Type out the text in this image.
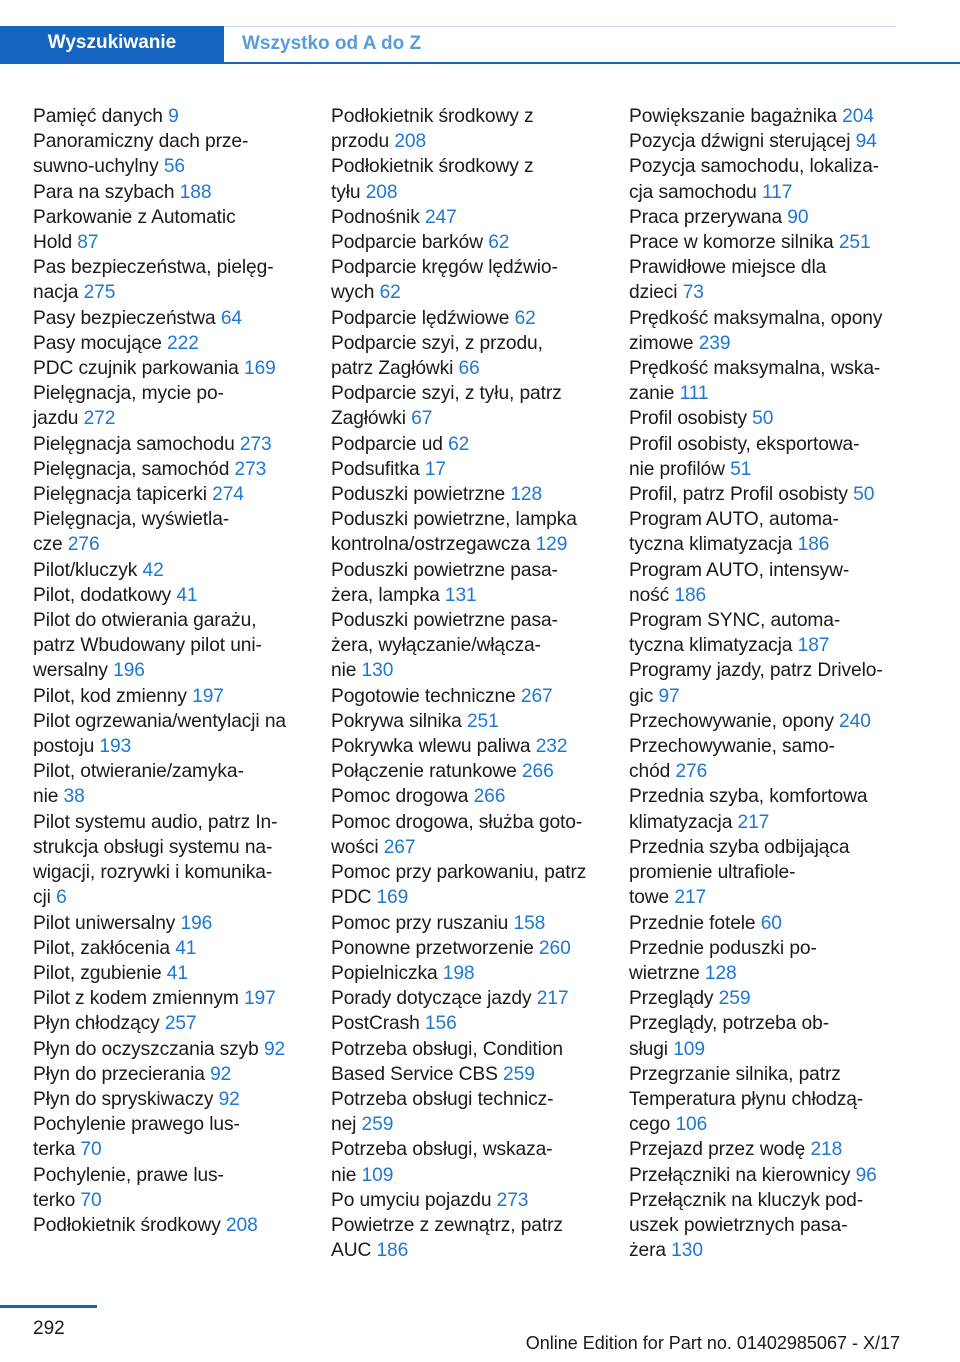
Wyszukiwanie	Wszystko od A do Z
Pamięć danych 9
Panoramiczny dach prze-
suwno-uchylny 56
Para na szybach 188
Parkowanie z Automatic
Hold 87
Pas bezpieczeństwa, pielęg-
nacja 275
Pasy bezpieczeństwa 64
Pasy mocujące 222
PDC czujnik parkowania 169
Pielęgnacja, mycie po-
jazdu 272
Pielęgnacja samochodu 273
Pielęgnacja, samochód 273
Pielęgnacja tapicerki 274
Pielęgnacja, wyświetla-
cze 276
Pilot/kluczyk 42
Pilot, dodatkowy 41
Pilot do otwierania garażu,
patrz Wbudowany pilot uni-
wersalny 196
Pilot, kod zmienny 197
Pilot ogrzewania/wentylacji na
postoju 193
Pilot, otwieranie/zamyka-
nie 38
Pilot systemu audio, patrz In-
strukcja obsługi systemu na-
wigacji, rozrywki i komunika-
cji 6
Pilot uniwersalny 196
Pilot, zakłócenia 41
Pilot, zgubienie 41
Pilot z kodem zmiennym 197
Płyn chłodzący 257
Płyn do oczyszczania szyb 92
Płyn do przecierania 92
Płyn do spryskiwaczy 92
Pochylenie prawego lus-
terka 70
Pochylenie, prawe lus-
terko 70
Podłokietnik środkowy 208
Podłokietnik środkowy z
przodu 208
Podłokietnik środkowy z
tyłu 208
Podnośnik 247
Podparcie barków 62
Podparcie kręgów lędźwio-
wych 62
Podparcie lędźwiowe 62
Podparcie szyi, z przodu,
patrz Zagłówki 66
Podparcie szyi, z tyłu, patrz
Zagłówki 67
Podparcie ud 62
Podsufitka 17
Poduszki powietrzne 128
Poduszki powietrzne, lampka
kontrolna/ostrzegawcza 129
Poduszki powietrzne pasa-
żera, lampka 131
Poduszki powietrzne pasa-
żera, wyłączanie/włącza-
nie 130
Pogotowie techniczne 267
Pokrywa silnika 251
Pokrywka wlewu paliwa 232
Połączenie ratunkowe 266
Pomoc drogowa 266
Pomoc drogowa, służba goto-
wości 267
Pomoc przy parkowaniu, patrz
PDC 169
Pomoc przy ruszaniu 158
Ponowne przetworzenie 260
Popielniczka 198
Porady dotyczące jazdy 217
PostCrash 156
Potrzeba obsługi, Condition
Based Service CBS 259
Potrzeba obsługi technicz-
nej 259
Potrzeba obsługi, wskaza-
nie 109
Po umyciu pojazdu 273
Powietrze z zewnątrz, patrz
AUC 186
Powiększanie bagażnika 204
Pozycja dźwigni sterującej 94
Pozycja samochodu, lokaliza-
cja samochodu 117
Praca przerywana 90
Prace w komorze silnika 251
Prawidłowe miejsce dla
dzieci 73
Prędkość maksymalna, opony
zimowe 239
Prędkość maksymalna, wska-
zanie 111
Profil osobisty 50
Profil osobisty, eksportowa-
nie profilów 51
Profil, patrz Profil osobisty 50
Program AUTO, automa-
tyczna klimatyzacja 186
Program AUTO, intensyw-
ność 186
Program SYNC, automa-
tyczna klimatyzacja 187
Programy jazdy, patrz Drivelo-
gic 97
Przechowywanie, opony 240
Przechowywanie, samo-
chód 276
Przednia szyba, komfortowa
klimatyzacja 217
Przednia szyba odbijająca
promienie ultrafiole-
towe 217
Przednie fotele 60
Przednie poduszki po-
wietrzne 128
Przeglądy 259
Przeglądy, potrzeba ob-
sługi 109
Przegrzanie silnika, patrz
Temperatura płynu chłodzą-
cego 106
Przejazd przez wodę 218
Przełączniki na kierownicy 96
Przełącznik na kluczyk pod-
uszek powietrznych pasa-
żera 130
292
Online Edition for Part no. 01402985067 - X/17
